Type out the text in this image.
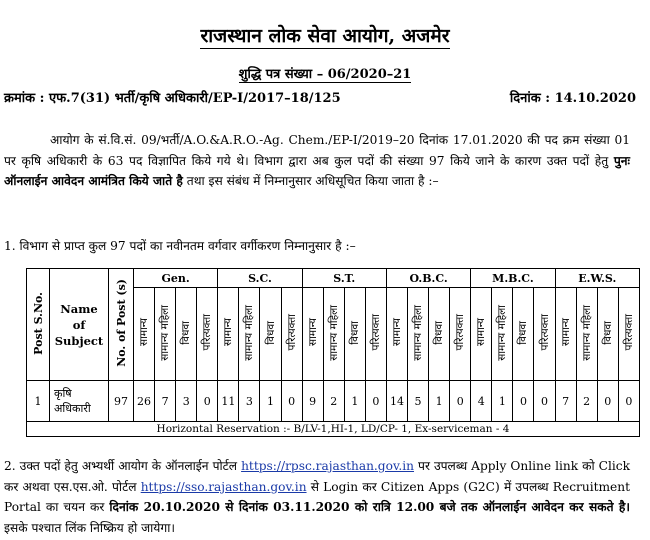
राजस्थान लोक सेवा आयोग, अजमेर
शुद्धि पत्र संख्या – 06/2020–21
क्रमांक : एफ.7(31) भर्ती/कृषि अधिकारी/EP-I/2017–18/125	दिनांक : 14.10.2020
आयोग के सं.वि.सं. 09/भर्ती/A.O.&A.R.O.-Ag. Chem./EP-I/2019–20 दिनांक 17.01.2020 की पद क्रम संख्या 01 पर कृषि अधिकारी के 63 पद विज्ञापित किये गये थे। विभाग द्वारा अब कुल पदों की संख्या 97 किये जाने के कारण उक्त पदों हेतु पुनः ऑनलाईन आवेदन आमंत्रित किये जाते है तथा इस संबंध में निम्नानुसार अधिसूचित किया जाता है :–
1. विभाग से प्राप्त कुल 97 पदों का नवीनतम वर्गवार वर्गीकरण निम्नानुसार है :–
Post S.No.	Name of Subject	No. of Post (s)	Gen.				S.C.				S.T.				O.B.C.				M.B.C.				E.W.S.			
			सामान्य	सामान्य महिला	विधवा	परित्यक्ता	सामान्य	सामान्य महिला	विधवा	परित्यक्ता	सामान्य	सामान्य महिला	विधवा	परित्यक्ता	सामान्य	सामान्य महिला	विधवा	परित्यक्ता	सामान्य	सामान्य महिला	विधवा	परित्यक्ता	सामान्य	सामान्य महिला	विधवा	परित्यक्ता
1	कृषि अधिकारी	97	26	7	3	0	11	3	1	0	9	2	1	0	14	5	1	0	4	1	0	0	7	2	0	0
Horizontal Reservation :- B/LV-1,HI-1, LD/CP- 1, Ex-serviceman - 4																										
2. उक्त पदों हेतु अभ्यर्थी आयोग के ऑनलाईन पोर्टल https://rpsc.rajasthan.gov.in पर उपलब्ध Apply Online link को Click कर अथवा एस.एस.ओ. पोर्टल https://sso.rajasthan.gov.in से Login कर Citizen Apps (G2C) में उपलब्ध Recruitment Portal का चयन कर दिनांक 20.10.2020 से दिनांक 03.11.2020 को रात्रि 12.00 बजे तक ऑनलाईन आवेदन कर सकते है। इसके पश्चात लिंक निष्क्रिय हो जायेगा।
